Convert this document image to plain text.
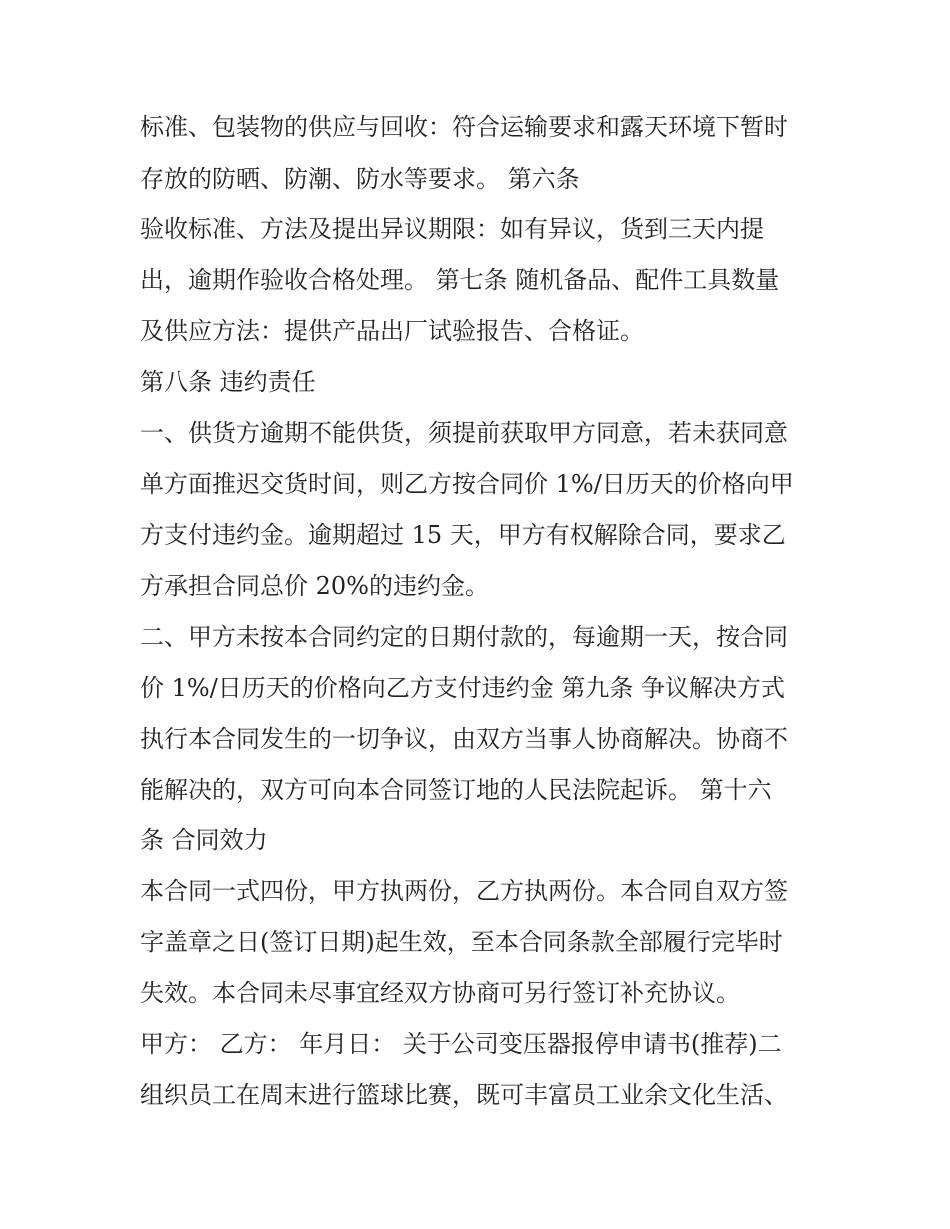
标准、包装物的供应与回收：符合运输要求和露天环境下暂时
存放的防晒、防潮、防水等要求。 第六条
验收标准、方法及提出异议期限：如有异议，货到三天内提
出，逾期作验收合格处理。 第七条 随机备品、配件工具数量
及供应方法：提供产品出厂试验报告、合格证。
第八条 违约责任
一、供货方逾期不能供货，须提前获取甲方同意，若未获同意
单方面推迟交货时间，则乙方按合同价 1%/日历天的价格向甲
方支付违约金。逾期超过 15 天，甲方有权解除合同，要求乙
方承担合同总价 20%的违约金。
二、甲方未按本合同约定的日期付款的，每逾期一天，按合同
价 1%/日历天的价格向乙方支付违约金 第九条 争议解决方式
执行本合同发生的一切争议，由双方当事人协商解决。协商不
能解决的，双方可向本合同签订地的人民法院起诉。 第十六
条 合同效力
本合同一式四份，甲方执两份，乙方执两份。本合同自双方签
字盖章之日(签订日期)起生效，至本合同条款全部履行完毕时
失效。本合同未尽事宜经双方协商可另行签订补充协议。
甲方： 乙方： 年月日： 关于公司变压器报停申请书(推荐)二
组织员工在周末进行篮球比赛，既可丰富员工业余文化生活、
